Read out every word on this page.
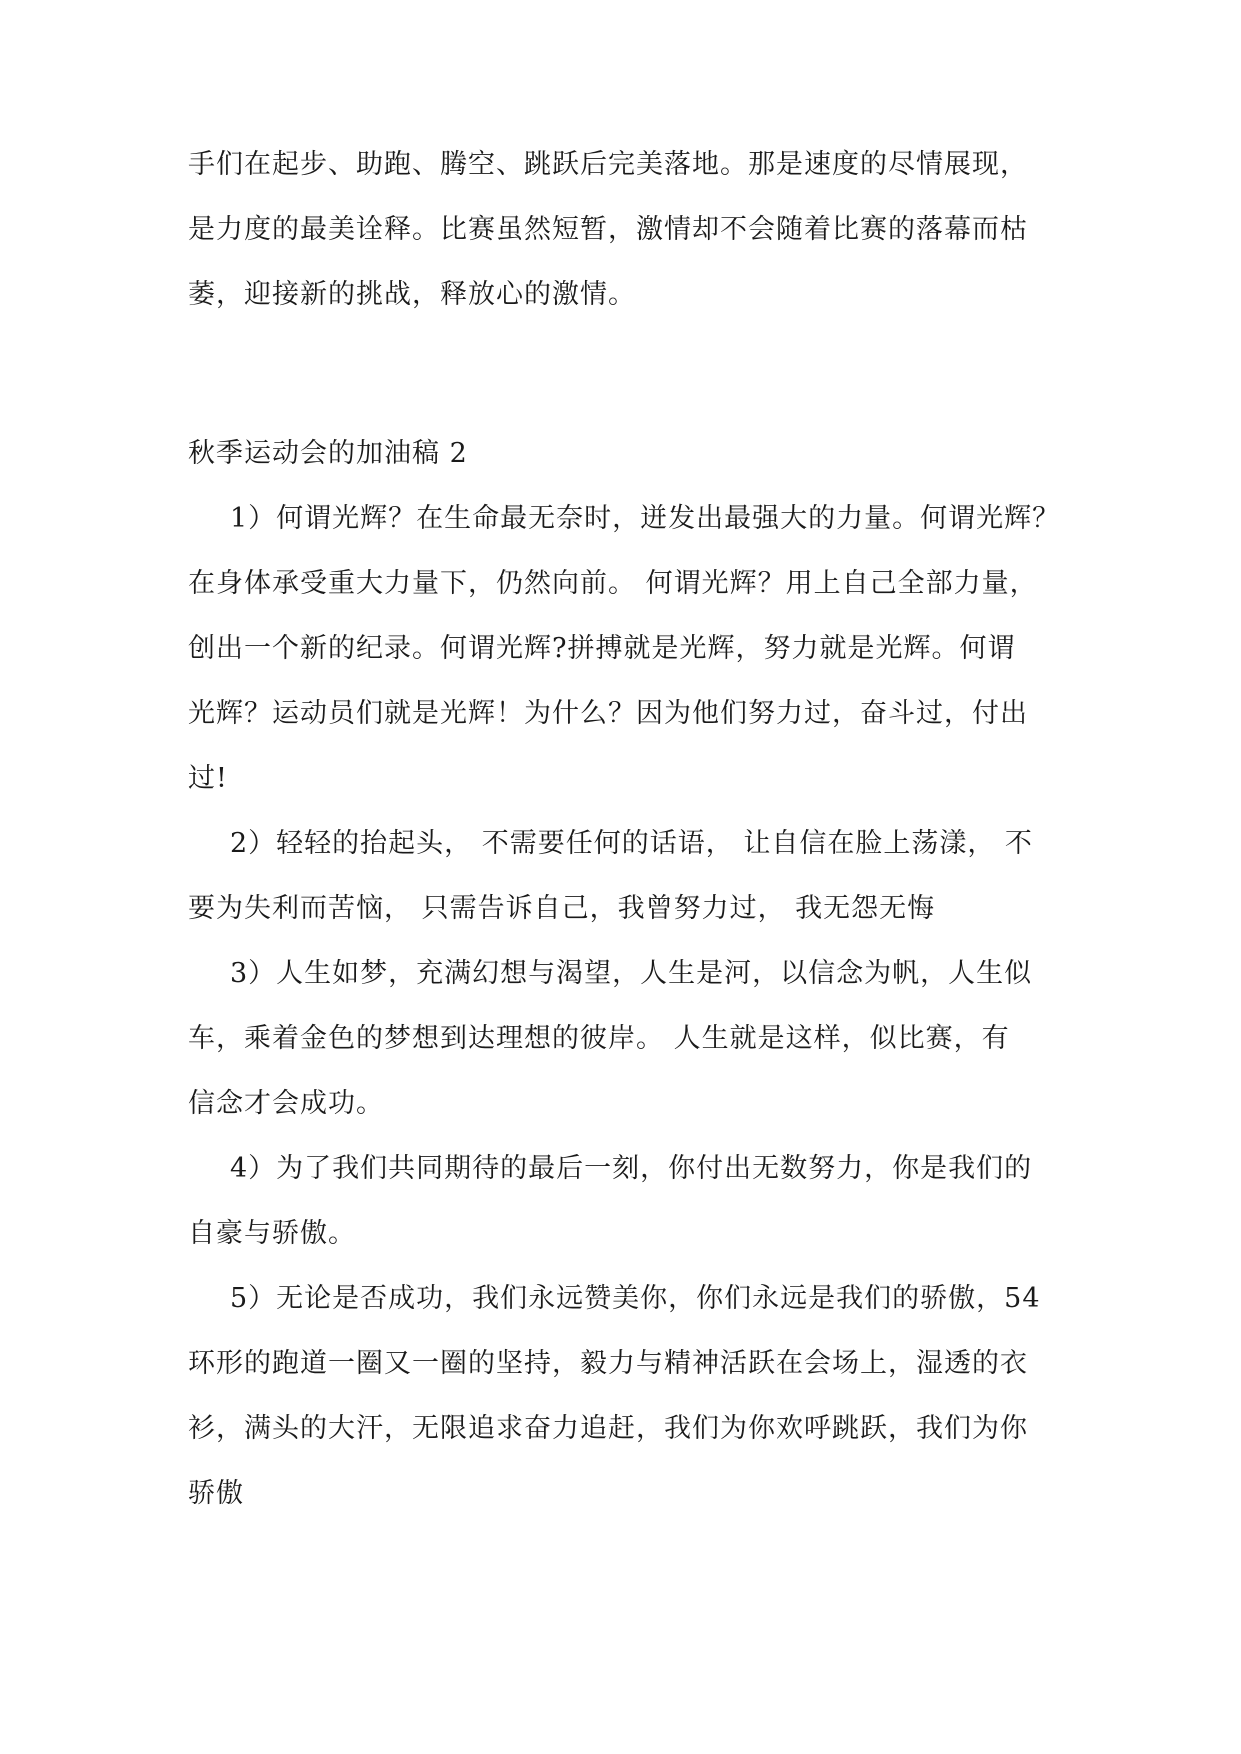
手们在起步、助跑、腾空、跳跃后完美落地。那是速度的尽情展现，
是力度的最美诠释。比赛虽然短暂，激情却不会随着比赛的落幕而枯
萎，迎接新的挑战，释放心的激情。
秋季运动会的加油稿 2
1）何谓光辉？在生命最无奈时，迸发出最强大的力量。何谓光辉？
在身体承受重大力量下，仍然向前。 何谓光辉？用上自己全部力量，
创出一个新的纪录。何谓光辉?拼搏就是光辉，努力就是光辉。何谓
光辉？运动员们就是光辉！为什么？因为他们努力过，奋斗过，付出
过!
2）轻轻的抬起头， 不需要任何的话语， 让自信在脸上荡漾， 不
要为失利而苦恼， 只需告诉自己，我曾努力过， 我无怨无悔
3）人生如梦，充满幻想与渴望，人生是河，以信念为帆，人生似
车，乘着金色的梦想到达理想的彼岸。 人生就是这样，似比赛，有
信念才会成功。
4）为了我们共同期待的最后一刻，你付出无数努力，你是我们的
自豪与骄傲。
5）无论是否成功，我们永远赞美你，你们永远是我们的骄傲，54
环形的跑道一圈又一圈的坚持，毅力与精神活跃在会场上，湿透的衣
衫，满头的大汗，无限追求奋力追赶，我们为你欢呼跳跃，我们为你
骄傲
